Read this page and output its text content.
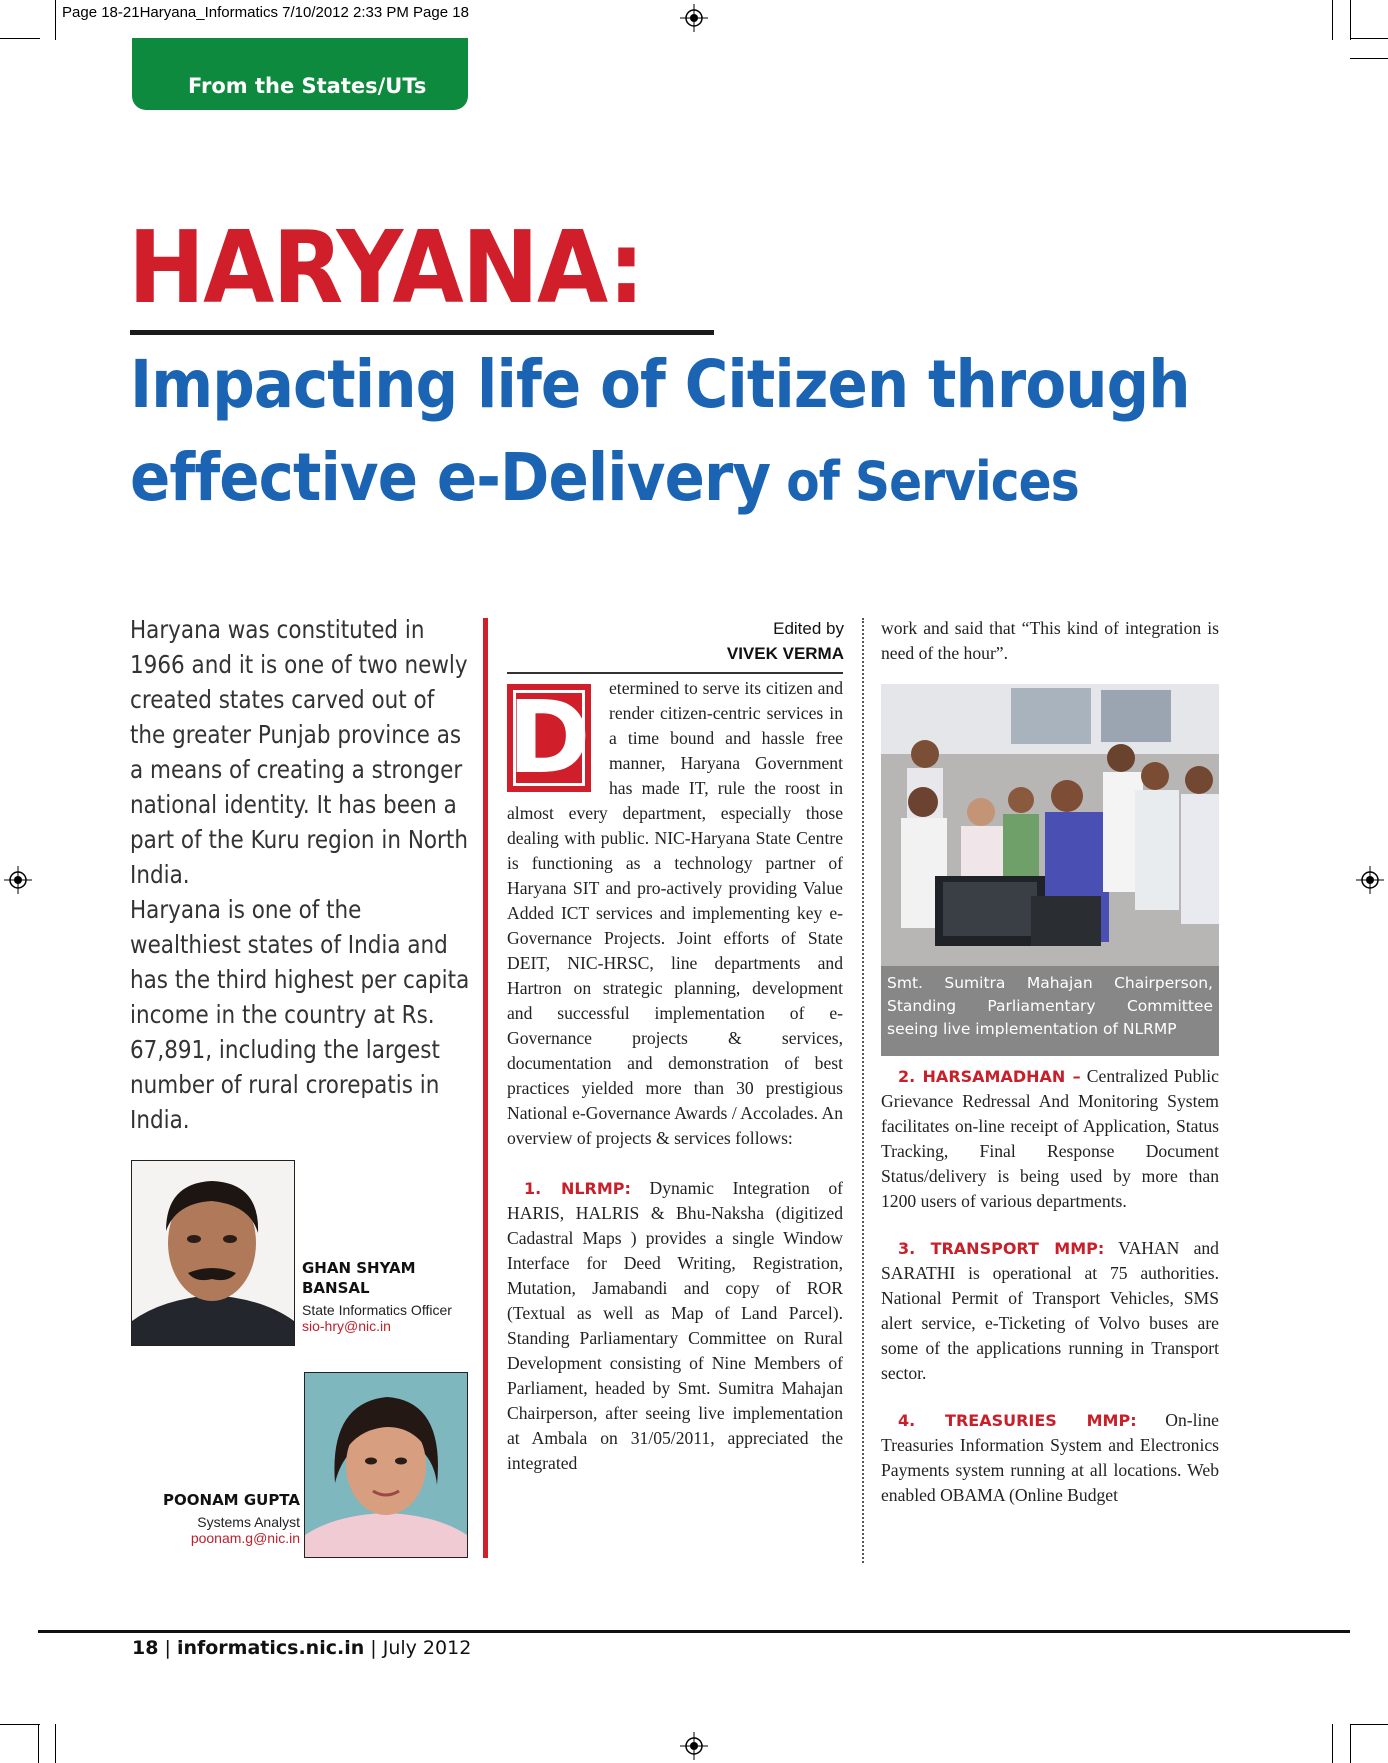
Page 18-21Haryana_Informatics 7/10/2012 2:33 PM Page 18
From the States/UTs
HARYANA:
Impacting life of Citizen through
effective e-Delivery of Services
Haryana was constituted in 1966 and it is one of two newly created states carved out of the greater Punjab province as a means of creating a stronger national identity. It has been a part of the Kuru region in North India.
Haryana is one of the wealthiest states of India and has the third highest per capita income in the country at Rs. 67,891, including the largest number of rural crorepatis in India.
GHAN SHYAM
BANSAL
State Informatics Officer
sio-hry@nic.in
POONAM GUPTA
Systems Analyst
poonam.g@nic.in
Edited by
VIVEK VERMA
D	etermined to serve its citizen and render citizen-centric services in a time bound and hassle free manner, Haryana Government has made IT, rule the roost in almost every department, especially those dealing with public. NIC-Haryana State Centre is functioning as a technology partner of Haryana SIT and pro-actively providing Value Added ICT services and implementing key e-Governance Projects. Joint efforts of State DEIT, NIC-HRSC, line departments and Hartron on strategic planning, development and successful implementation of e-Governance projects & services, documentation and demonstration of best practices yielded more than 30 prestigious National e-Governance Awards / Accolades. An overview of projects & services follows:

1. NLRMP: Dynamic Integration of HARIS, HALRIS & Bhu-Naksha (digitized Cadastral Maps ) provides a single Window Interface for Deed Writing, Registration, Mutation, Jamabandi and copy of ROR (Textual as well as Map of Land Parcel). Standing Parliamentary Committee on Rural Development consisting of Nine Members of Parliament, headed by Smt. Sumitra Mahajan Chairperson, after seeing live implementation at Ambala on 31/05/2011, appreciated the integrated

work and said that “This kind of integration is need of the hour”.

Smt. Sumitra Mahajan Chairperson, Standing Parliamentary Committee seeing live implementation of NLRMP

2. HARSAMADHAN – Centralized Public Grievance Redressal And Monitoring System facilitates on-line receipt of Application, Status Tracking, Final Response Document Status/delivery is being used by more than 1200 users of various departments.

3. TRANSPORT MMP: VAHAN and SARATHI is operational at 75 authorities. National Permit of Transport Vehicles, SMS alert service, e-Ticketing of Volvo buses are some of the applications running in Transport sector.

4. TREASURIES MMP: On-line Treasuries Information System and Electronics Payments system running at all locations. Web enabled OBAMA (Online Budget

18 | informatics.nic.in | July 2012
